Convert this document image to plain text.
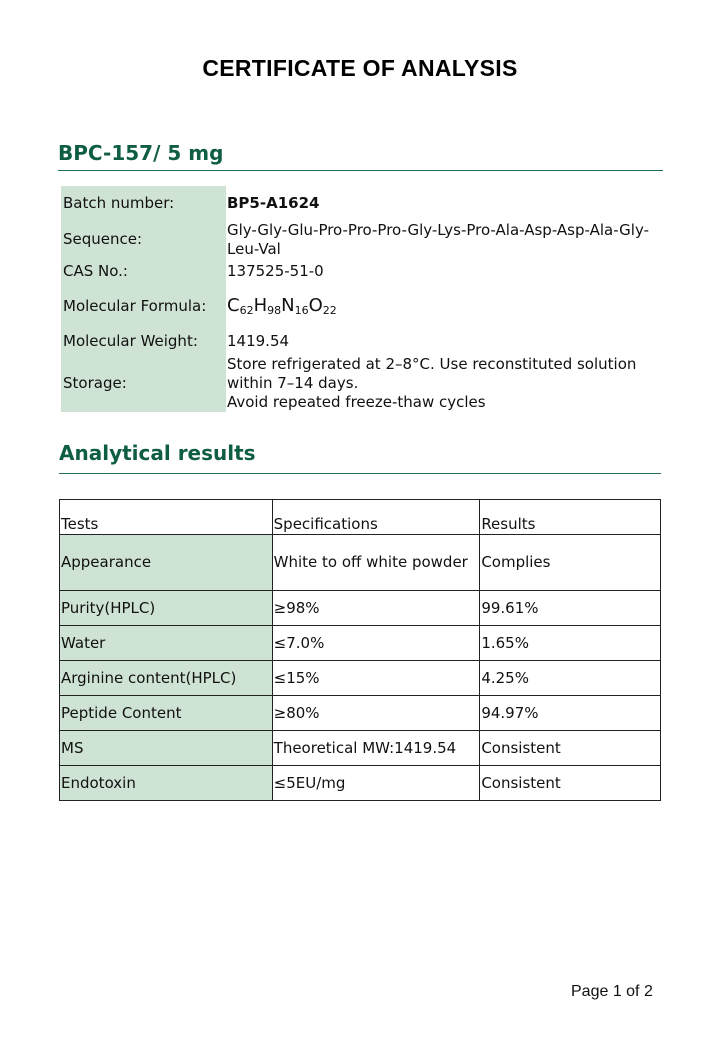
CERTIFICATE OF ANALYSIS
BPC-157/ 5 mg
Batch number:	BP5-A1624
Sequence:	Gly-Gly-Glu-Pro-Pro-Pro-Gly-Lys-Pro-Ala-Asp-Asp-Ala-Gly-Leu-Val
CAS No.:	137525-51-0
Molecular Formula: $C_{62}H_{98}N_{16}O_{22}$
Molecular Weight: 1419.54
Storage:
Store refrigerated at 2–8°C. Use reconstituted solution within 7–14 days.
Avoid repeated freeze-thaw cycles
Analytical results
Tests	Specifications	Results
Appearance	White to off white powder	Complies
Purity(HPLC)	≥98%	99.61%
Water	≤7.0%	1.65%
Arginine content(HPLC)	≤15%	4.25%
Peptide Content	≥80%	94.97%
MS	Theoretical MW:1419.54	Consistent
Endotoxin	≤5EU/mg	Consistent
Page 1 of 2
